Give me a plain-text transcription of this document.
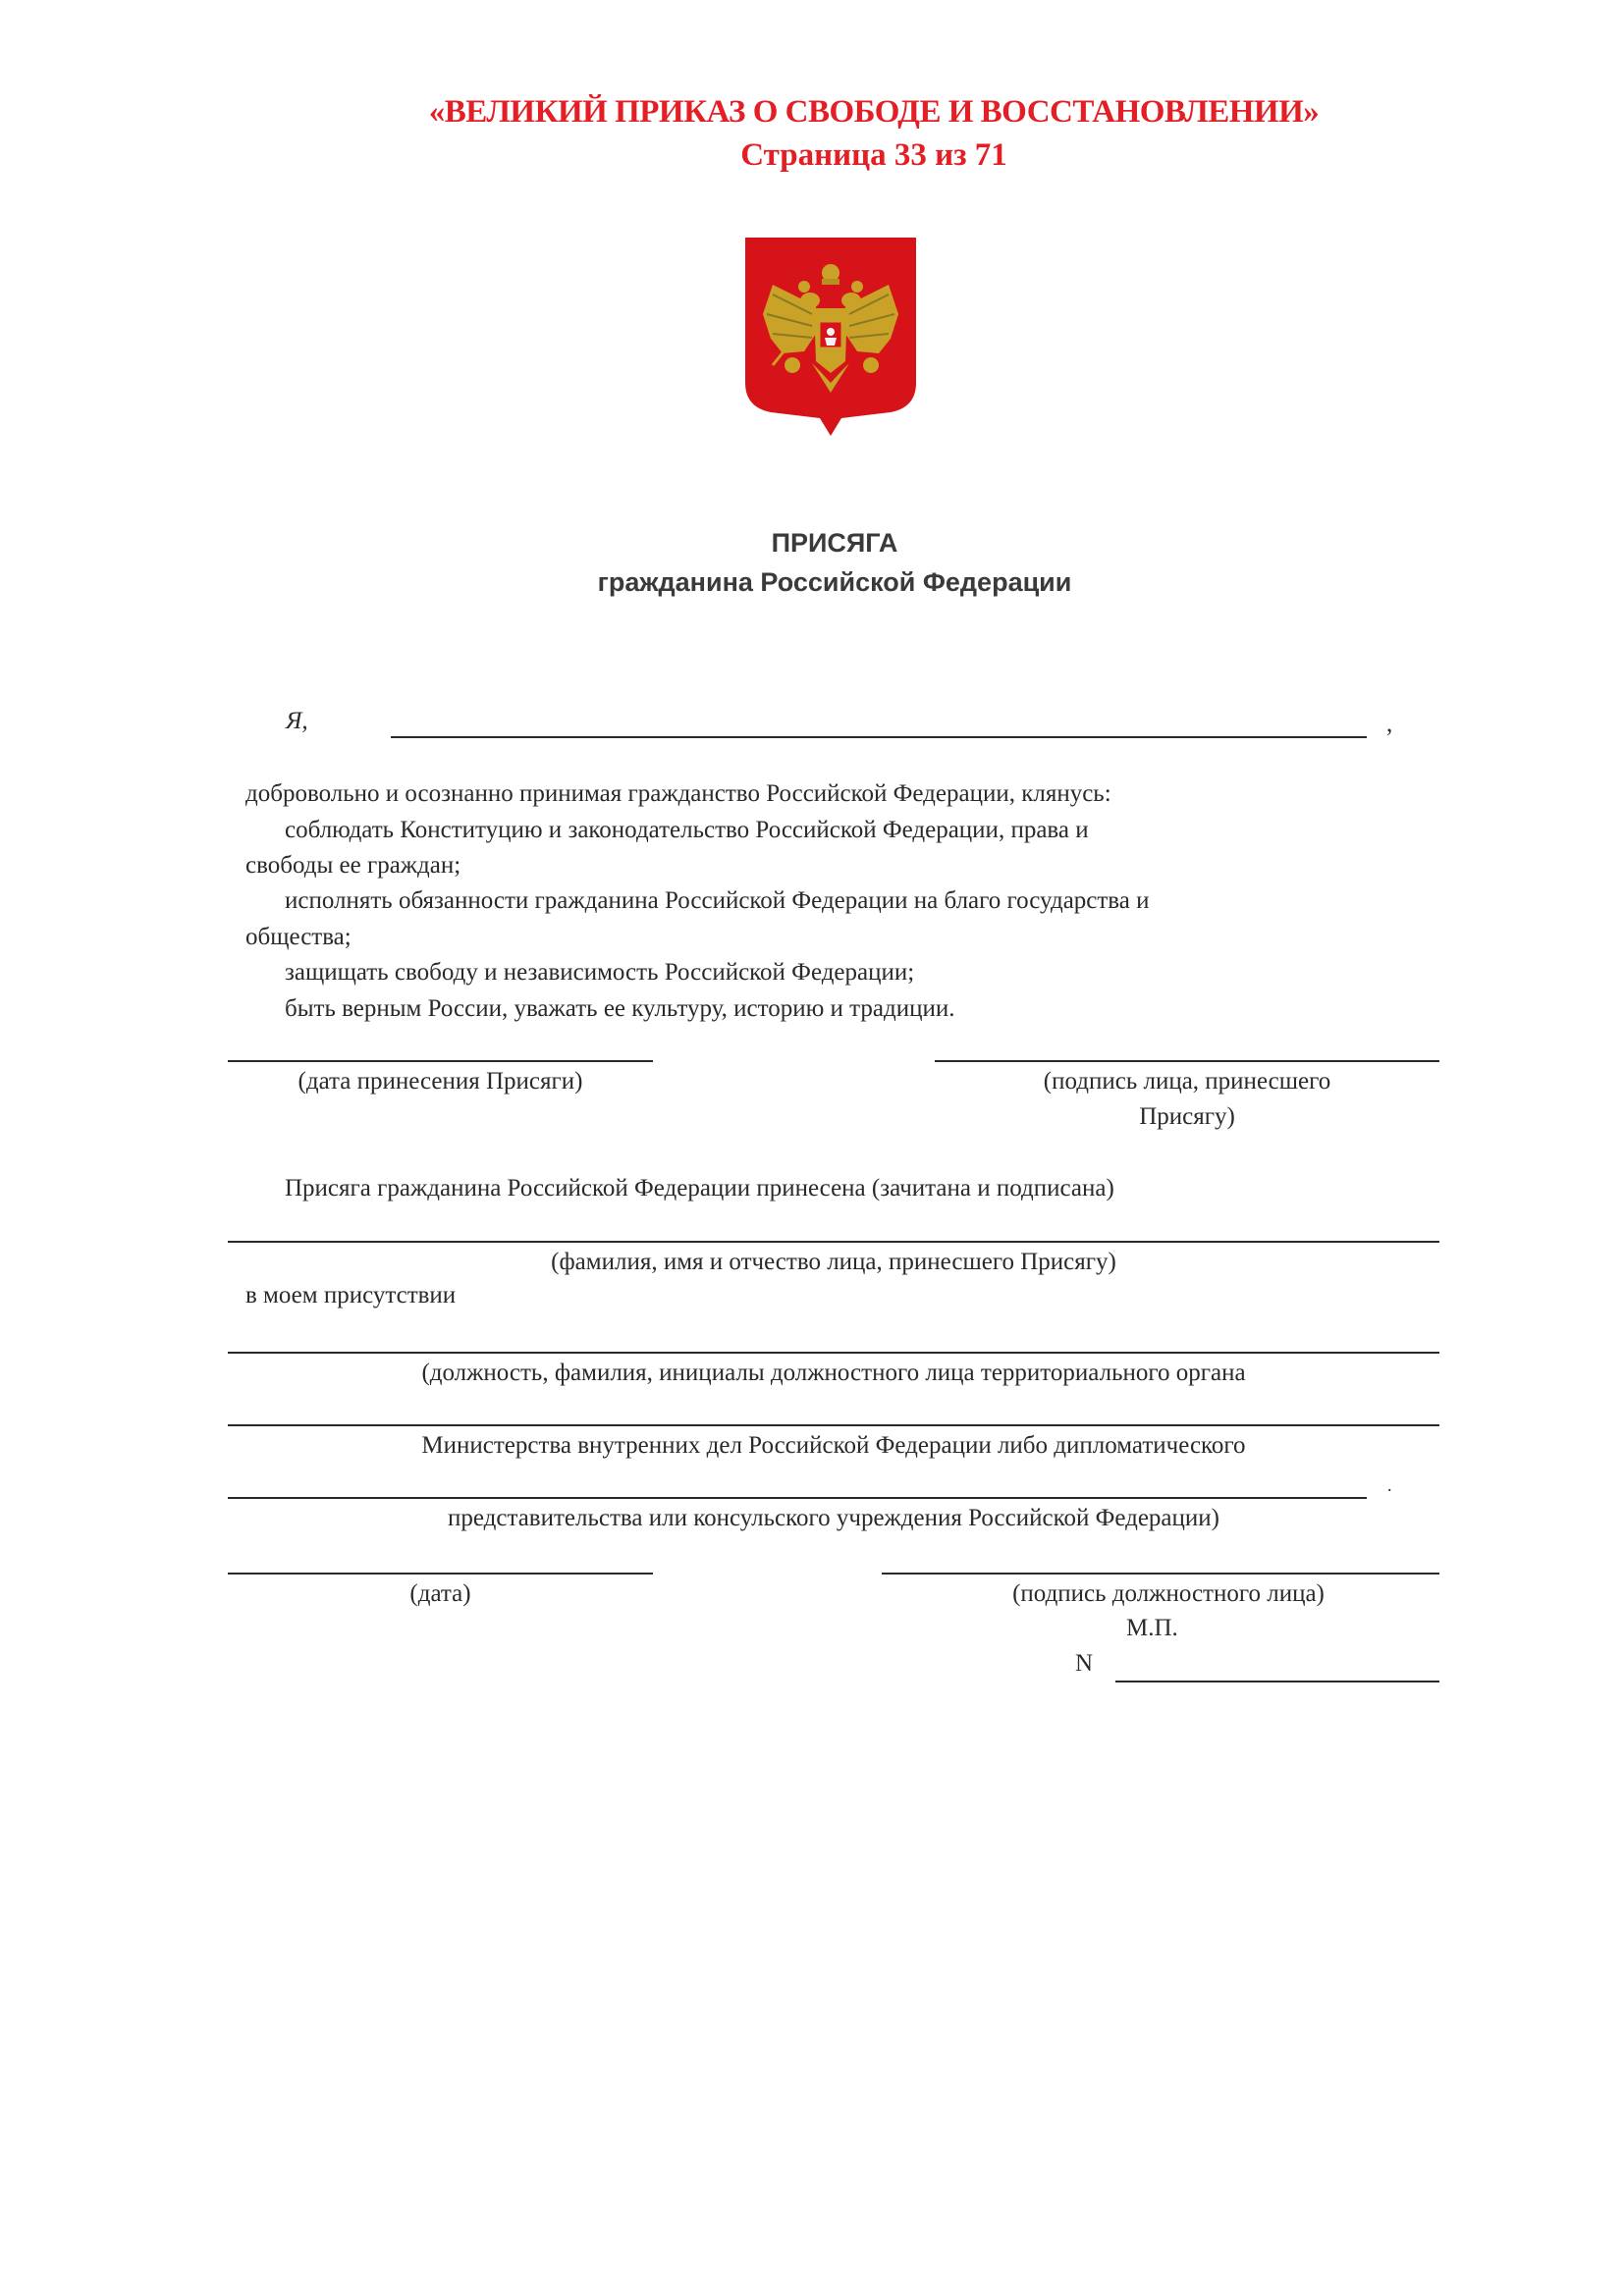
«ВЕЛИКИЙ ПРИКАЗ О СВОБОДЕ И ВОССТАНОВЛЕНИИ»
Страница 33 из 71
ПРИСЯГА
гражданина Российской Федерации
Я,	,
добровольно и осознанно принимая гражданство Российской Федерации, клянусь:
соблюдать Конституцию и законодательство Российской Федерации, права и
свободы ее граждан;
исполнять обязанности гражданина Российской Федерации на благо государства и
общества;
защищать свободу и независимость Российской Федерации;
быть верным России, уважать ее культуру, историю и традиции.
(дата принесения Присяги)	(подпись лица, принесшего
Присягу)
Присяга гражданина Российской Федерации принесена (зачитана и подписана)
(фамилия, имя и отчество лица, принесшего Присягу)
в моем присутствии
(должность, фамилия, инициалы должностного лица территориального органа
Министерства внутренних дел Российской Федерации либо дипломатического
.
представительства или консульского учреждения Российской Федерации)
(дата)	(подпись должностного лица)
М.П.
N
